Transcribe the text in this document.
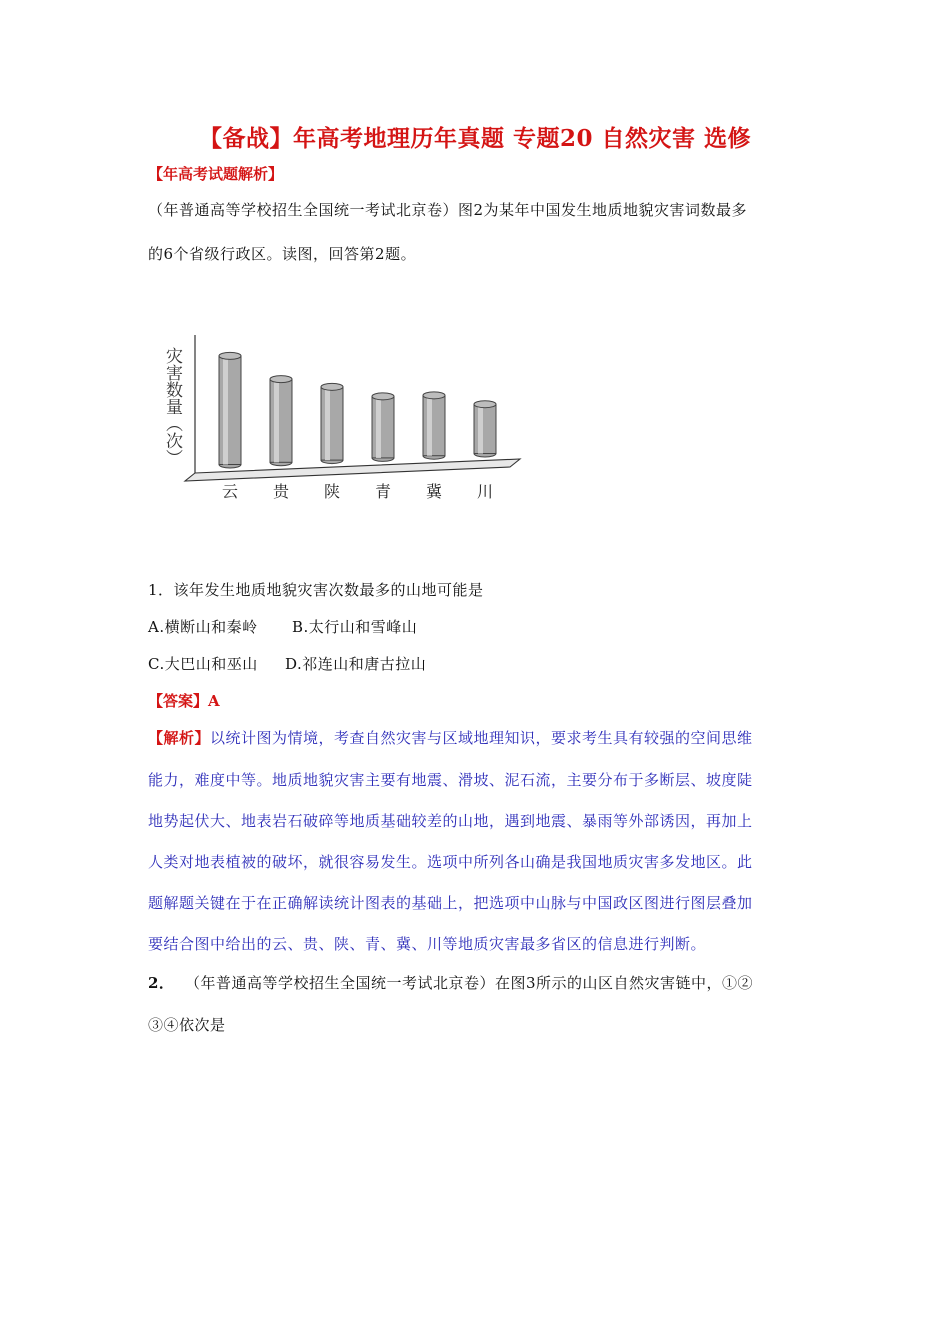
【备战】年高考地理历年真题 专题20 自然灾害 选修
【年高考试题解析】
（年普通高等学校招生全国统一考试北京卷）图2为某年中国发生地质地貌灾害词数最多
的6个省级行政区。读图，回答第2题。
灾害数量（次）
云 贵 陕 青 冀 川
1．该年发生地质地貌灾害次数最多的山地可能是
A.横断山和秦岭 B.太行山和雪峰山
C.大巴山和巫山 D.祁连山和唐古拉山
【答案】A
【解析】以统计图为情境，考查自然灾害与区域地理知识，要求考生具有较强的空间思维
能力，难度中等。地质地貌灾害主要有地震、滑坡、泥石流，主要分布于多断层、坡度陡
地势起伏大、地表岩石破碎等地质基础较差的山地，遇到地震、暴雨等外部诱因，再加上
人类对地表植被的破坏，就很容易发生。选项中所列各山确是我国地质灾害多发地区。此
题解题关键在于在正确解读统计图表的基础上，把选项中山脉与中国政区图进行图层叠加
要结合图中给出的云、贵、陕、青、冀、川等地质灾害最多省区的信息进行判断。
2． （年普通高等学校招生全国统一考试北京卷）在图3所示的山区自然灾害链中，①②
③④依次是
